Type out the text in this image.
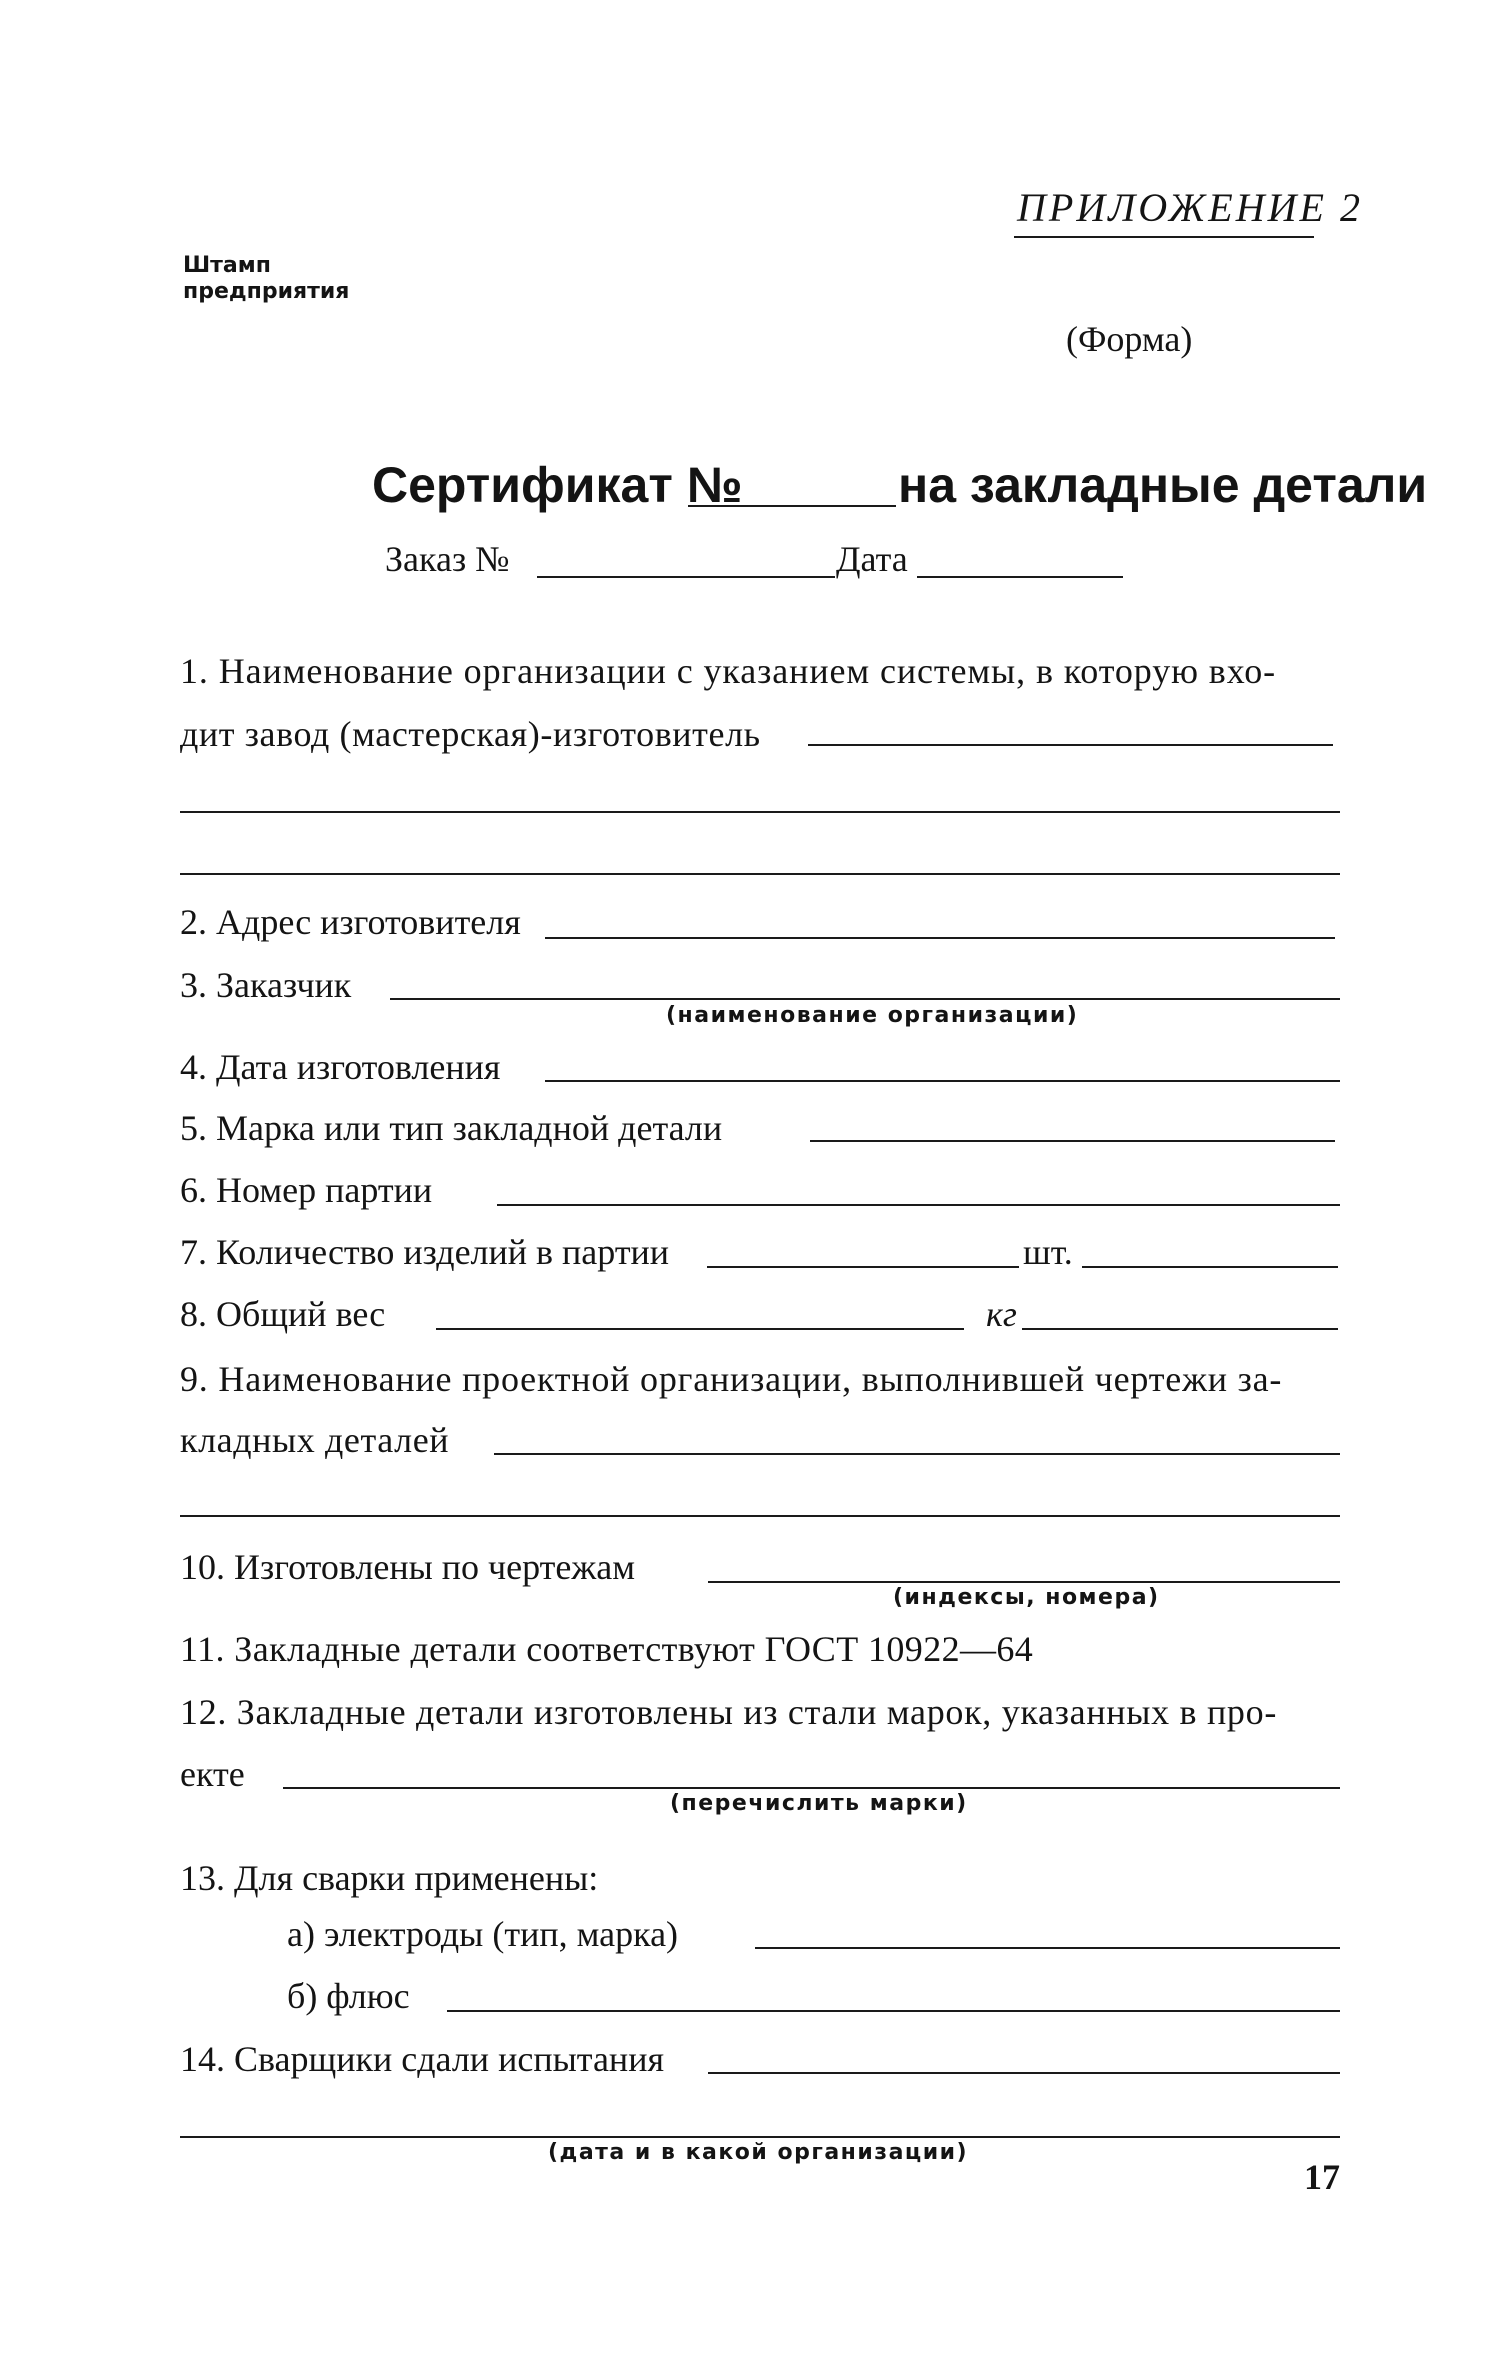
ПРИЛОЖЕНИЕ 2
Штамп
предприятия
(Форма)
Сертификат №	на закладные детали
Заказ №	Дата
1. Наименование организации с указанием системы, в которую вхо-
дит завод (мастерская)-изготовитель
2. Адрес изготовителя
3. Заказчик
(наименование организации)
4. Дата изготовления
5. Марка или тип закладной детали
6. Номер партии
7. Количество изделий в партии	шт.
8. Общий вес	кг
9. Наименование проектной организации, выполнившей чертежи за-
кладных деталей
10. Изготовлены по чертежам
(индексы, номера)
11. Закладные детали соответствуют ГОСТ 10922—64
12. Закладные детали изготовлены из стали марок, указанных в про-
екте
(перечислить марки)
13. Для сварки применены:
а) электроды (тип, марка)
б) флюс
14. Сварщики сдали испытания
(дата и в какой организации)
17
